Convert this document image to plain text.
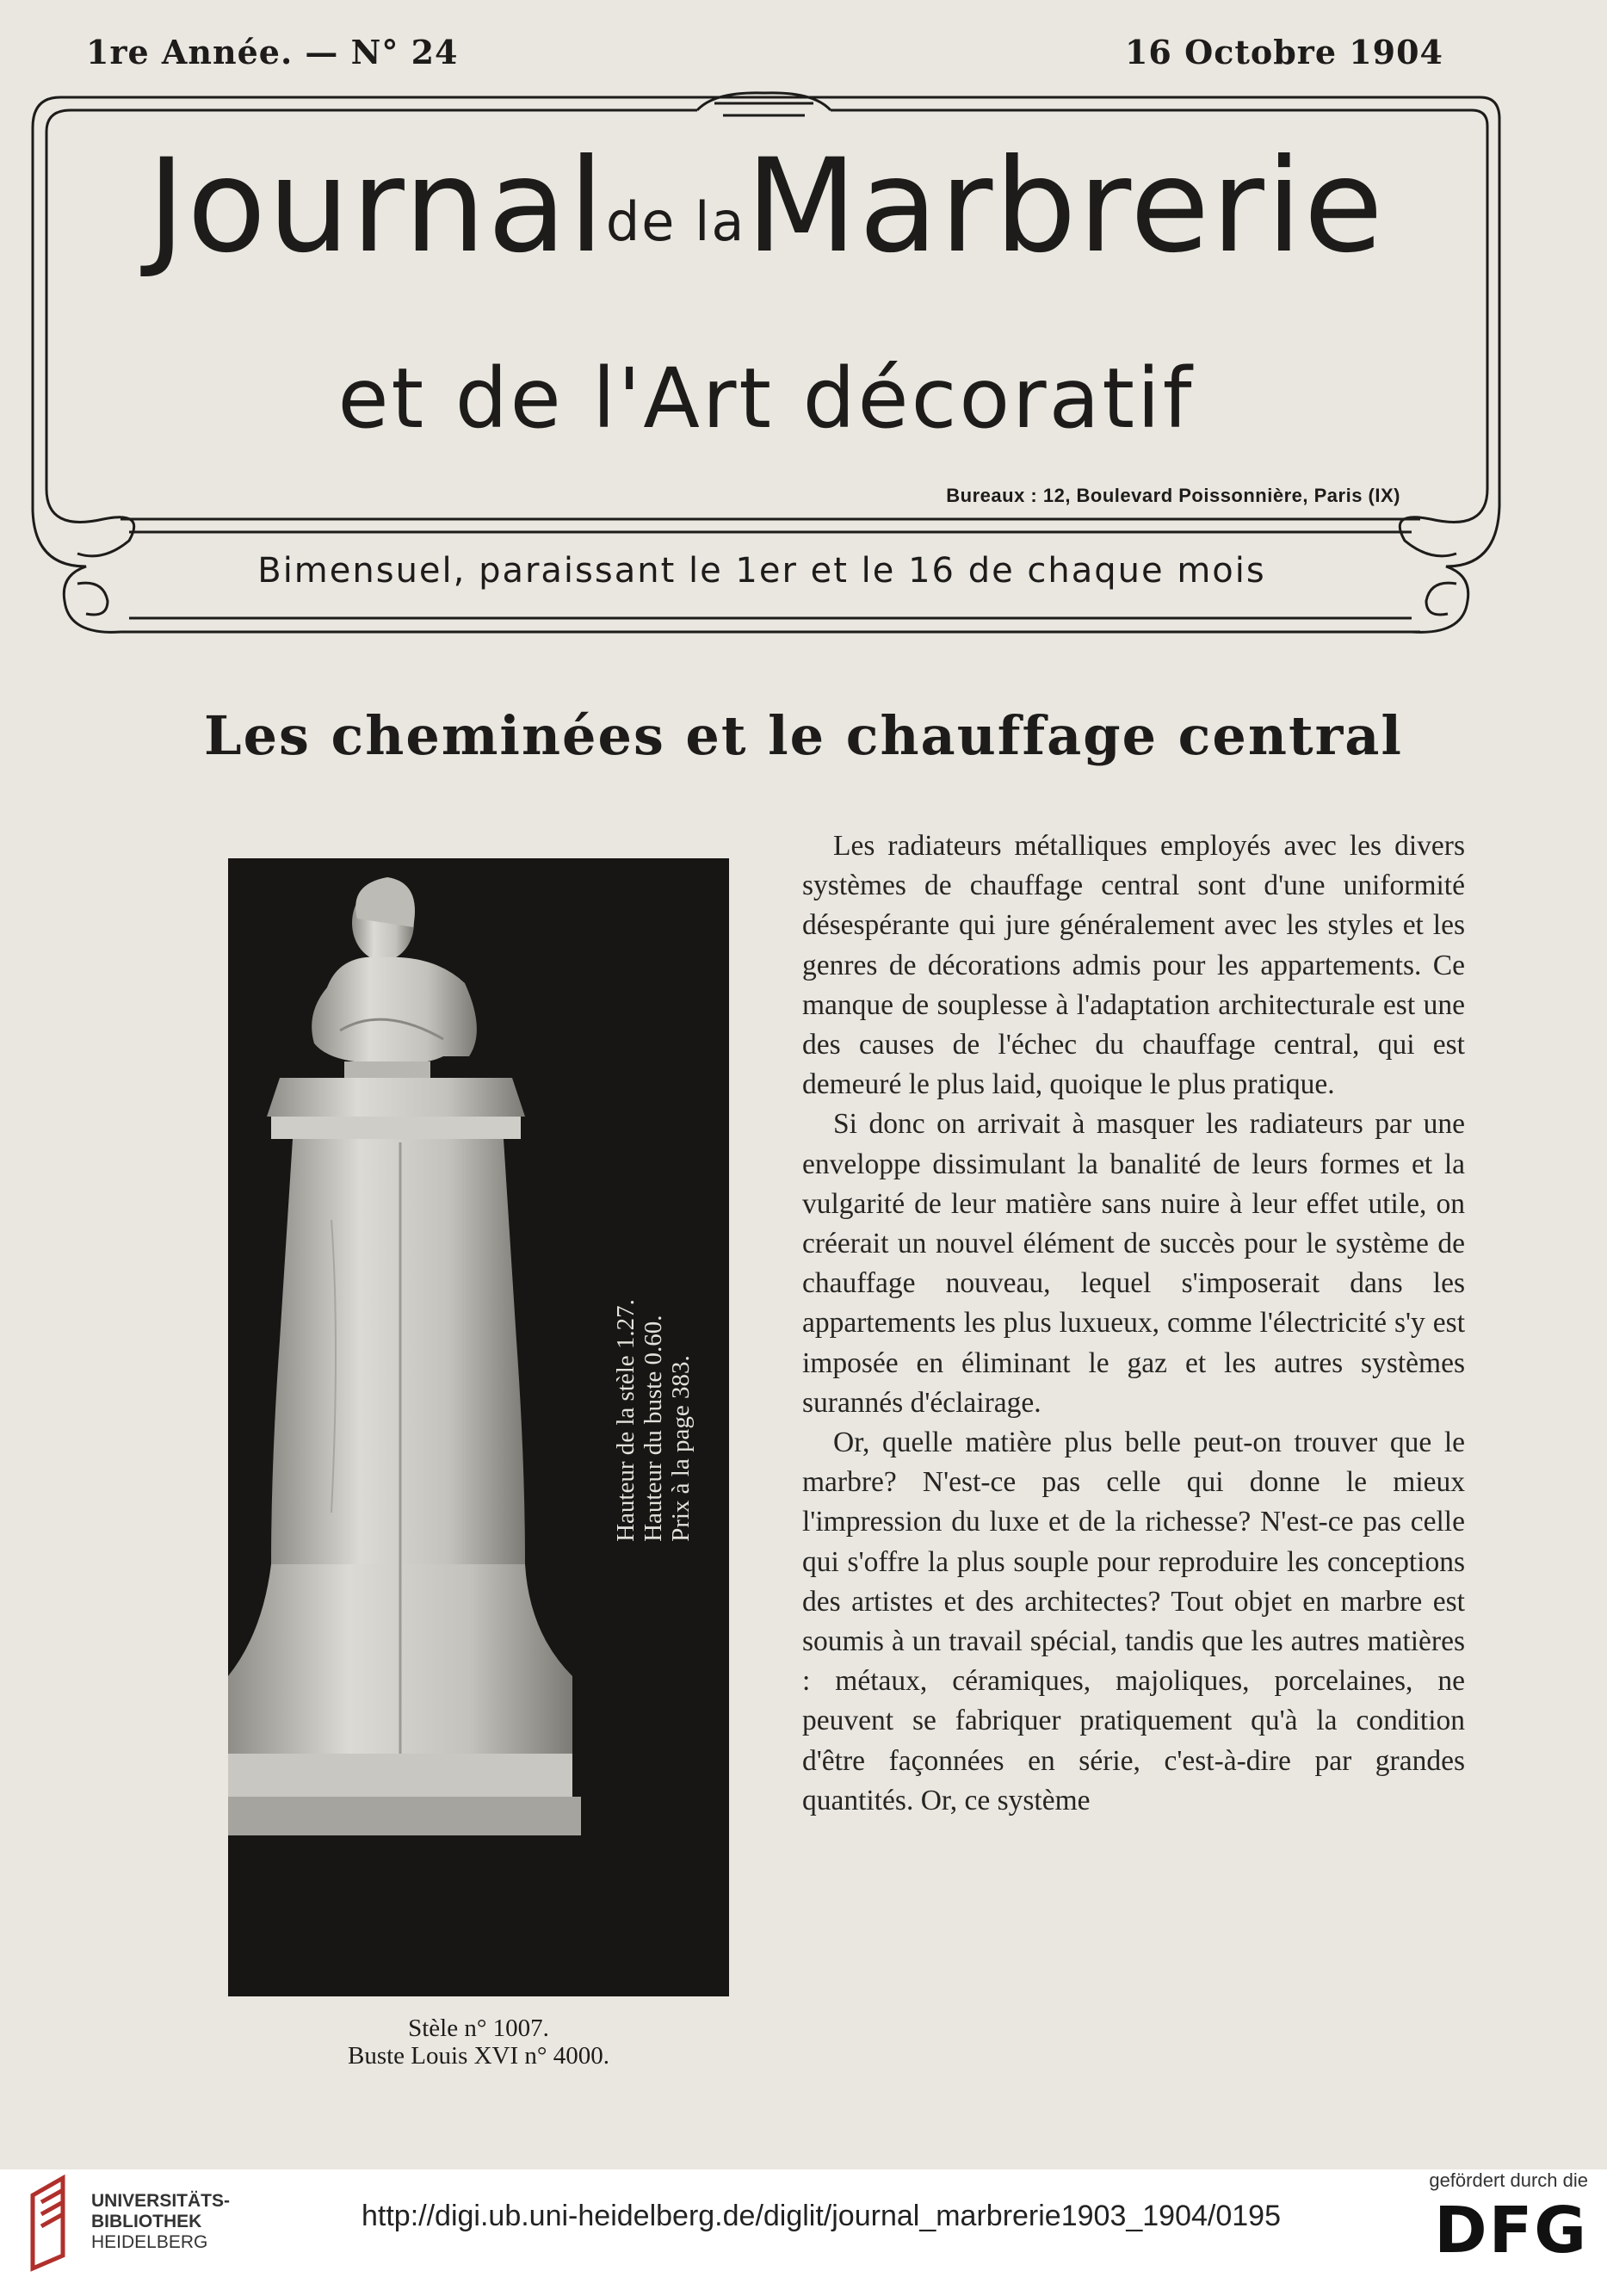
1re Année. — N° 24	16 Octobre 1904
Journalde laMarbrerie
et de l'Art décoratif
Bureaux : 12, Boulevard Poissonnière, Paris (IX)
Bimensuel, paraissant le 1er et le 16 de chaque mois
Les cheminées et le chauffage central
Hauteur de la stèle 1.27. Hauteur du buste 0.60. Prix à la page 383.
Stèle n° 1007.
Buste Louis XVI n° 4000.

Les radiateurs métalliques employés avec les divers systèmes de chauffage central sont d'une uniformité désespérante qui jure généralement avec les styles et les genres de décorations admis pour les appartements. Ce manque de souplesse à l'adaptation architecturale est une des causes de l'échec du chauffage central, qui est demeuré le plus laid, quoique le plus pratique.

Si donc on arrivait à masquer les radiateurs par une enveloppe dissimulant la banalité de leurs formes et la vulgarité de leur matière sans nuire à leur effet utile, on créerait un nouvel élément de succès pour le système de chauffage nouveau, lequel s'imposerait dans les appartements les plus luxueux, comme l'électricité s'y est imposée en éliminant le gaz et les autres systèmes surannés d'éclairage.

Or, quelle matière plus belle peut-on trouver que le marbre? N'est-ce pas celle qui donne le mieux l'impression du luxe et de la richesse? N'est-ce pas celle qui s'offre la plus souple pour reproduire les conceptions des artistes et des architectes? Tout objet en marbre est soumis à un travail spécial, tandis que les autres matières : métaux, céramiques, majoliques, porcelaines, ne peuvent se fabriquer pratiquement qu'à la condition d'être façonnées en série, c'est-à-dire par grandes quantités. Or, ce système

UNIVERSITÄTS-
BIBLIOTHEK
HEIDELBERG
http://digi.ub.uni-heidelberg.de/diglit/journal_marbrerie1903_1904/0195
gefördert durch die
DFG
